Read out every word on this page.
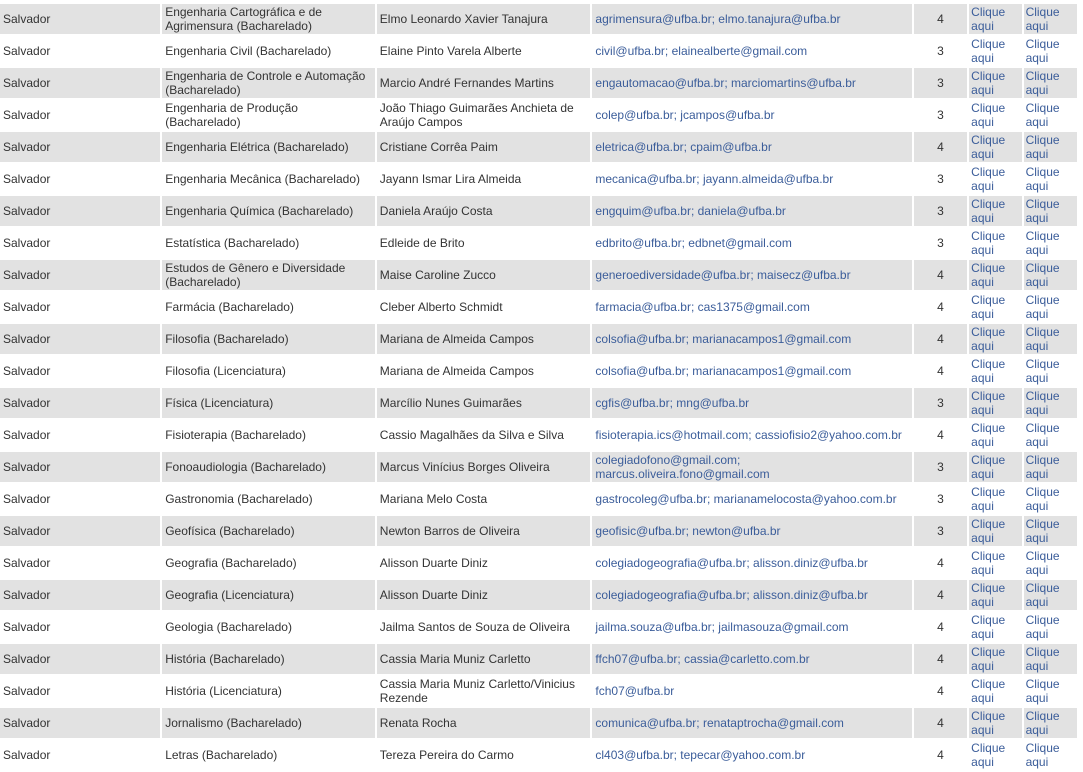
Salvador	Engenharia Cartográfica e de Agrimensura (Bacharelado)	Elmo Leonardo Xavier Tanajura	agrimensura@ufba.br; elmo.tanajura@ufba.br	4	Clique aqui	Clique aqui
Salvador	Engenharia Civil (Bacharelado)	Elaine Pinto Varela Alberte	civil@ufba.br; elainealberte@gmail.com	3	Clique aqui	Clique aqui
Salvador	Engenharia de Controle e Automação (Bacharelado)	Marcio André Fernandes Martins	engautomacao@ufba.br; marciomartins@ufba.br	3	Clique aqui	Clique aqui
Salvador	Engenharia de Produção (Bacharelado)	João Thiago Guimarães Anchieta de Araújo Campos	colep@ufba.br; jcampos@ufba.br	3	Clique aqui	Clique aqui
Salvador	Engenharia Elétrica (Bacharelado)	Cristiane Corrêa Paim	eletrica@ufba.br; cpaim@ufba.br	4	Clique aqui	Clique aqui
Salvador	Engenharia Mecânica (Bacharelado)	Jayann Ismar Lira Almeida	mecanica@ufba.br; jayann.almeida@ufba.br	3	Clique aqui	Clique aqui
Salvador	Engenharia Química (Bacharelado)	Daniela Araújo Costa	engquim@ufba.br; daniela@ufba.br	3	Clique aqui	Clique aqui
Salvador	Estatística (Bacharelado)	Edleide de Brito	edbrito@ufba.br; edbnet@gmail.com	3	Clique aqui	Clique aqui
Salvador	Estudos de Gênero e Diversidade (Bacharelado)	Maise Caroline Zucco	generoediversidade@ufba.br; maisecz@ufba.br	4	Clique aqui	Clique aqui
Salvador	Farmácia (Bacharelado)	Cleber Alberto Schmidt	farmacia@ufba.br; cas1375@gmail.com	4	Clique aqui	Clique aqui
Salvador	Filosofia (Bacharelado)	Mariana de Almeida Campos	colsofia@ufba.br; marianacampos1@gmail.com	4	Clique aqui	Clique aqui
Salvador	Filosofia (Licenciatura)	Mariana de Almeida Campos	colsofia@ufba.br; marianacampos1@gmail.com	4	Clique aqui	Clique aqui
Salvador	Física (Licenciatura)	Marcílio Nunes Guimarães	cgfis@ufba.br; mng@ufba.br	3	Clique aqui	Clique aqui
Salvador	Fisioterapia (Bacharelado)	Cassio Magalhães da Silva e Silva	fisioterapia.ics@hotmail.com; cassiofisio2@yahoo.com.br	4	Clique aqui	Clique aqui
Salvador	Fonoaudiologia (Bacharelado)	Marcus Vinícius Borges Oliveira	colegiadofono@gmail.com; marcus.oliveira.fono@gmail.com	3	Clique aqui	Clique aqui
Salvador	Gastronomia (Bacharelado)	Mariana Melo Costa	gastrocoleg@ufba.br; marianamelocosta@yahoo.com.br	3	Clique aqui	Clique aqui
Salvador	Geofísica (Bacharelado)	Newton Barros de Oliveira	geofisic@ufba.br; newton@ufba.br	3	Clique aqui	Clique aqui
Salvador	Geografia (Bacharelado)	Alisson Duarte Diniz	colegiadogeografia@ufba.br; alisson.diniz@ufba.br	4	Clique aqui	Clique aqui
Salvador	Geografia (Licenciatura)	Alisson Duarte Diniz	colegiadogeografia@ufba.br; alisson.diniz@ufba.br	4	Clique aqui	Clique aqui
Salvador	Geologia (Bacharelado)	Jailma Santos de Souza de Oliveira	jailma.souza@ufba.br; jailmasouza@gmail.com	4	Clique aqui	Clique aqui
Salvador	História (Bacharelado)	Cassia Maria Muniz Carletto	ffch07@ufba.br; cassia@carletto.com.br	4	Clique aqui	Clique aqui
Salvador	História (Licenciatura)	Cassia Maria Muniz Carletto/Vinicius Rezende	fch07@ufba.br	4	Clique aqui	Clique aqui
Salvador	Jornalismo (Bacharelado)	Renata Rocha	comunica@ufba.br; renataptrocha@gmail.com	4	Clique aqui	Clique aqui
Salvador	Letras (Bacharelado)	Tereza Pereira do Carmo	cl403@ufba.br; tepecar@yahoo.com.br	4	Clique aqui	Clique aqui
